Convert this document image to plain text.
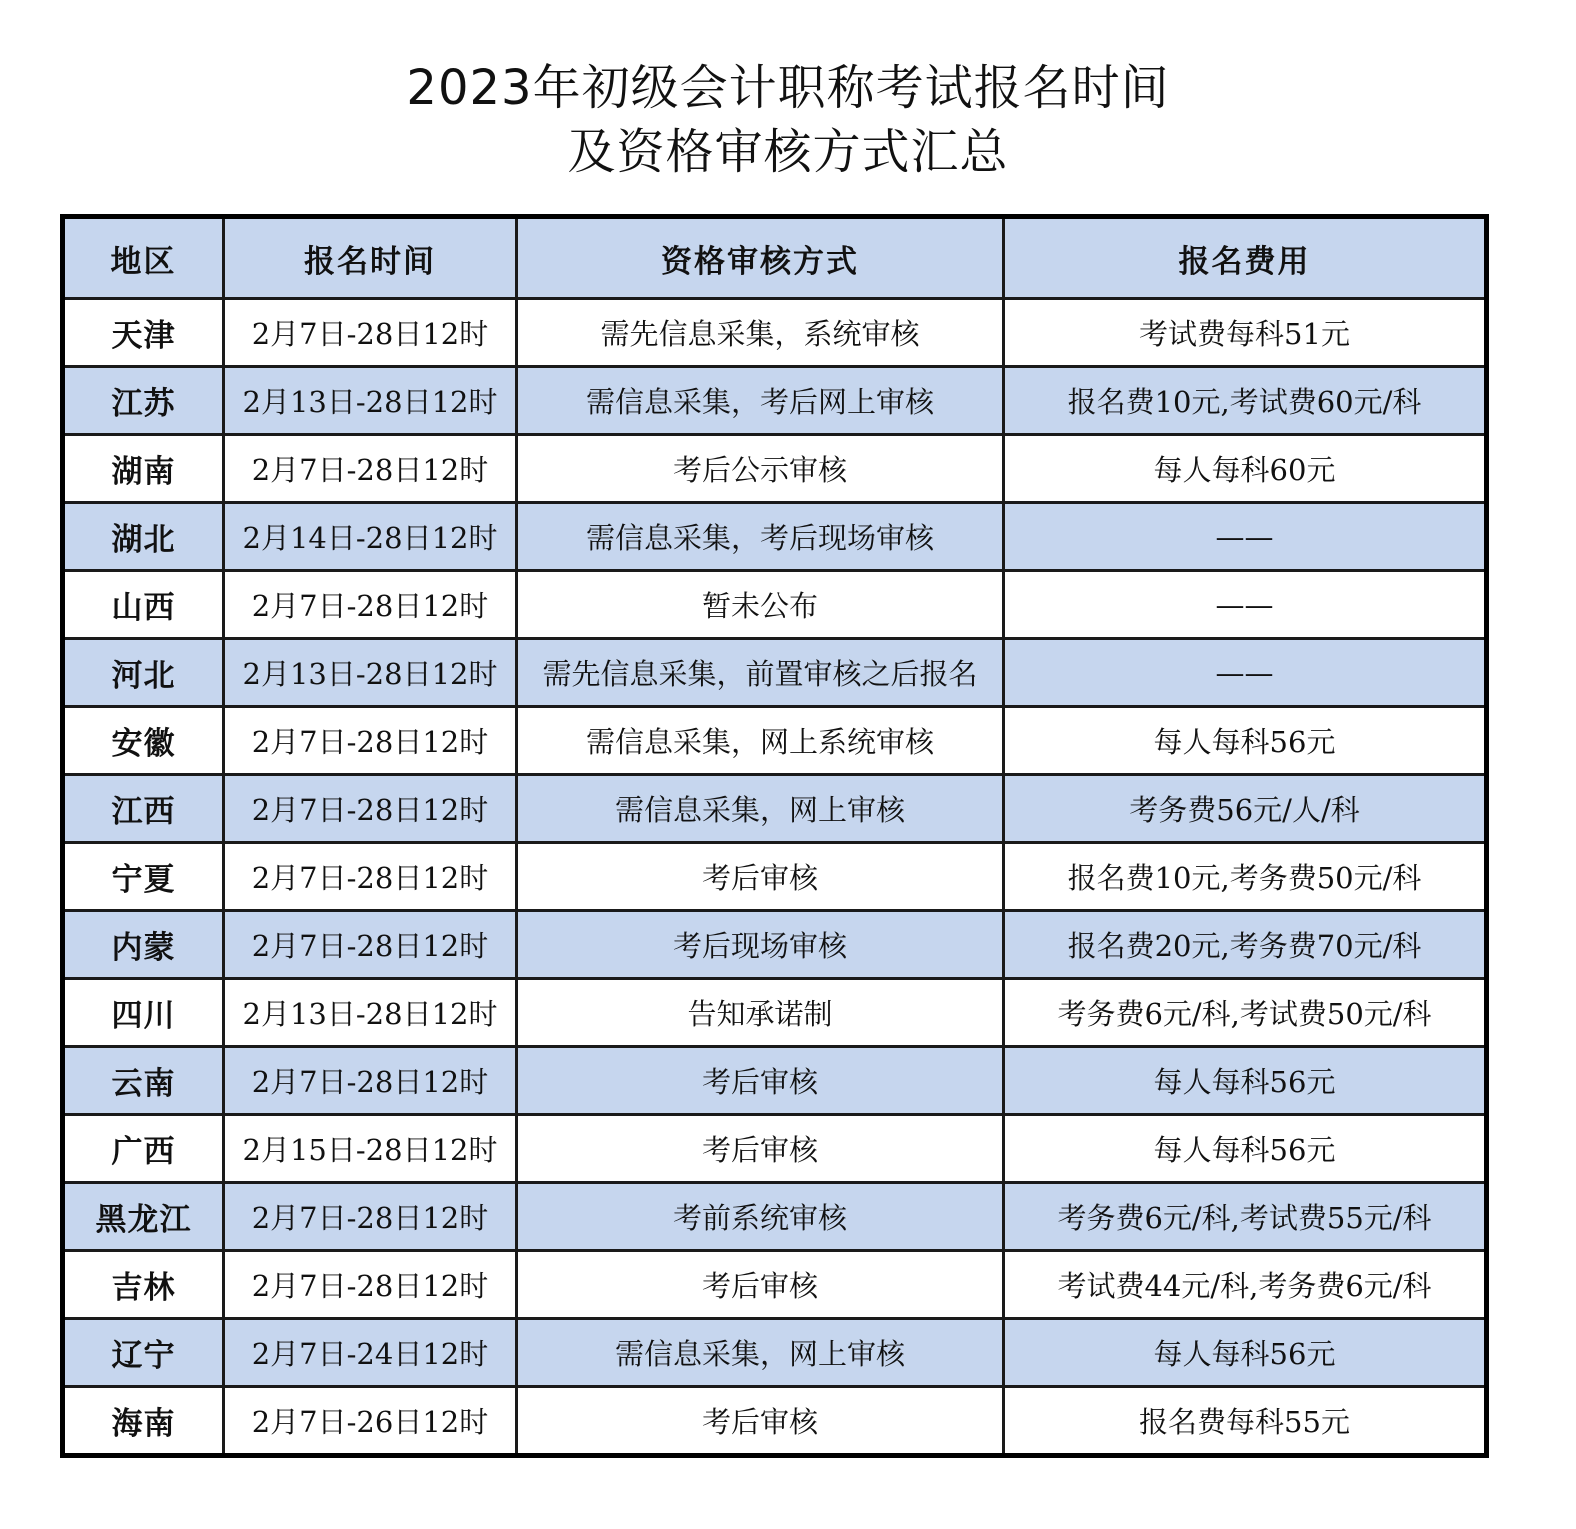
2023年初级会计职称考试报名时间
及资格审核方式汇总
地区	报名时间	资格审核方式	报名费用
天津	2月7日-28日12时	需先信息采集，系统审核	考试费每科51元
江苏	2月13日-28日12时	需信息采集，考后网上审核	报名费10元,考试费60元/科
湖南	2月7日-28日12时	考后公示审核	每人每科60元
湖北	2月14日-28日12时	需信息采集，考后现场审核	——
山西	2月7日-28日12时	暂未公布	——
河北	2月13日-28日12时	需先信息采集，前置审核之后报名	——
安徽	2月7日-28日12时	需信息采集，网上系统审核	每人每科56元
江西	2月7日-28日12时	需信息采集，网上审核	考务费56元/人/科
宁夏	2月7日-28日12时	考后审核	报名费10元,考务费50元/科
内蒙	2月7日-28日12时	考后现场审核	报名费20元,考务费70元/科
四川	2月13日-28日12时	告知承诺制	考务费6元/科,考试费50元/科
云南	2月7日-28日12时	考后审核	每人每科56元
广西	2月15日-28日12时	考后审核	每人每科56元
黑龙江	2月7日-28日12时	考前系统审核	考务费6元/科,考试费55元/科
吉林	2月7日-28日12时	考后审核	考试费44元/科,考务费6元/科
辽宁	2月7日-24日12时	需信息采集，网上审核	每人每科56元
海南	2月7日-26日12时	考后审核	报名费每科55元
